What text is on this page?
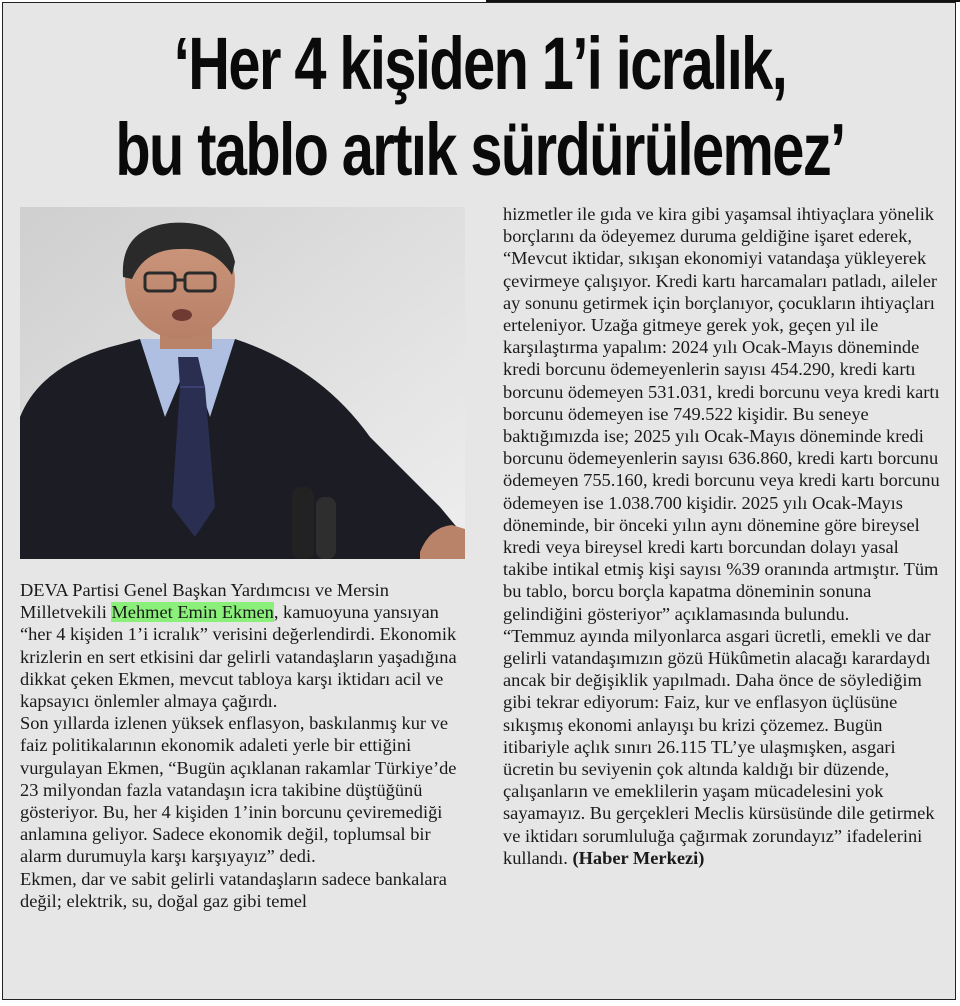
‘Her 4 kişiden 1’i icralık,
bu tablo artık sürdürülemez’

DEVA Partisi Genel Başkan Yardımcısı ve Mersin Milletvekili Mehmet Emin Ekmen, kamuoyuna yansıyan “her 4 kişiden 1’i icralık” verisini değerlendirdi. Ekonomik krizlerin en sert etkisini dar gelirli vatandaşların yaşadığına dikkat çeken Ekmen, mevcut tabloya karşı iktidarı acil ve kapsayıcı önlemler almaya çağırdı.

Son yıllarda izlenen yüksek enflasyon, baskılanmış kur ve faiz politikalarının ekonomik adaleti yerle bir ettiğini vurgulayan Ekmen, “Bugün açıklanan rakamlar Türkiye’de 23 milyondan fazla vatandaşın icra takibine düştüğünü gösteriyor. Bu, her 4 kişiden 1’inin borcunu çeviremediği anlamına geliyor. Sadece ekonomik değil, toplumsal bir alarm durumuyla karşı karşıyayız” dedi.

Ekmen, dar ve sabit gelirli vatandaşların sadece bankalara değil; elektrik, su, doğal gaz gibi temel

hizmetler ile gıda ve kira gibi yaşamsal ihtiyaçlara yönelik borçlarını da ödeyemez duruma geldiğine işaret ederek, “Mevcut iktidar, sıkışan ekonomiyi vatandaşa yükleyerek çevirmeye çalışıyor. Kredi kartı harcamaları patladı, aileler ay sonunu getirmek için borçlanıyor, çocukların ihtiyaçları erteleniyor. Uzağa gitmeye gerek yok, geçen yıl ile karşılaştırma yapalım: 2024 yılı Ocak-Mayıs döneminde kredi borcunu ödemeyenlerin sayısı 454.290, kredi kartı borcunu ödemeyen 531.031, kredi borcunu veya kredi kartı borcunu ödemeyen ise 749.522 kişidir. Bu seneye baktığımızda ise; 2025 yılı Ocak-Mayıs döneminde kredi borcunu ödemeyenlerin sayısı 636.860, kredi kartı borcunu ödemeyen 755.160, kredi borcunu veya kredi kartı borcunu ödemeyen ise 1.038.700 kişidir. 2025 yılı Ocak-Mayıs döneminde, bir önceki yılın aynı dönemine göre bireysel kredi veya bireysel kredi kartı borcundan dolayı yasal takibe intikal etmiş kişi sayısı %39 oranında artmıştır. Tüm bu tablo, borcu borçla kapatma döneminin sonuna gelindiğini gösteriyor” açıklamasında bulundu.

“Temmuz ayında milyonlarca asgari ücretli, emekli ve dar gelirli vatandaşımızın gözü Hükûmetin alacağı karardaydı ancak bir değişiklik yapılmadı. Daha önce de söylediğim gibi tekrar ediyorum: Faiz, kur ve enflasyon üçlüsüne sıkışmış ekonomi anlayışı bu krizi çözemez. Bugün itibariyle açlık sınırı 26.115 TL’ye ulaşmışken, asgari ücretin bu seviyenin çok altında kaldığı bir düzende, çalışanların ve emeklilerin yaşam mücadelesini yok sayamayız. Bu gerçekleri Meclis kürsüsünde dile getirmek ve iktidarı sorumluluğa çağırmak zorundayız” ifadelerini kullandı. (Haber Merkezi)
